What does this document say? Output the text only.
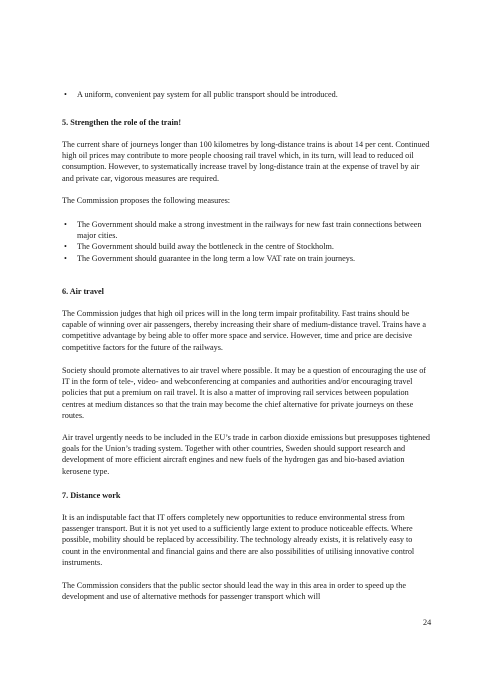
• A uniform, convenient pay system for all public transport should be introduced.
5. Strengthen the role of the train!
The current share of journeys longer than 100 kilometres by long-distance trains is about 14 per cent. Continued high oil prices may contribute to more people choosing rail travel which, in its turn, will lead to reduced oil consumption. However, to systematically increase travel by long-distance train at the expense of travel by air and private car, vigorous measures are required.
The Commission proposes the following measures:
• The Government should make a strong investment in the railways for new fast train connections between major cities.
• The Government should build away the bottleneck in the centre of Stockholm.
• The Government should guarantee in the long term a low VAT rate on train journeys.
6. Air travel
The Commission judges that high oil prices will in the long term impair profitability. Fast trains should be capable of winning over air passengers, thereby increasing their share of medium-distance travel. Trains have a competitive advantage by being able to offer more space and service. However, time and price are decisive competitive factors for the future of the railways.
Society should promote alternatives to air travel where possible. It may be a question of encouraging the use of IT in the form of tele-, video- and webconferencing at companies and authorities and/or encouraging travel policies that put a premium on rail travel. It is also a matter of improving rail services between population centres at medium distances so that the train may become the chief alternative for private journeys on these routes.
Air travel urgently needs to be included in the EU’s trade in carbon dioxide emissions but presupposes tightened goals for the Union’s trading system. Together with other countries, Sweden should support research and development of more efficient aircraft engines and new fuels of the hydrogen gas and bio-based aviation kerosene type.
7. Distance work
It is an indisputable fact that IT offers completely new opportunities to reduce environmental stress from passenger transport. But it is not yet used to a sufficiently large extent to produce noticeable effects. Where possible, mobility should be replaced by accessibility. The technology already exists, it is relatively easy to count in the environmental and financial gains and there are also possibilities of utilising innovative control instruments.
The Commission considers that the public sector should lead the way in this area in order to speed up the development and use of alternative methods for passenger transport which will
24
